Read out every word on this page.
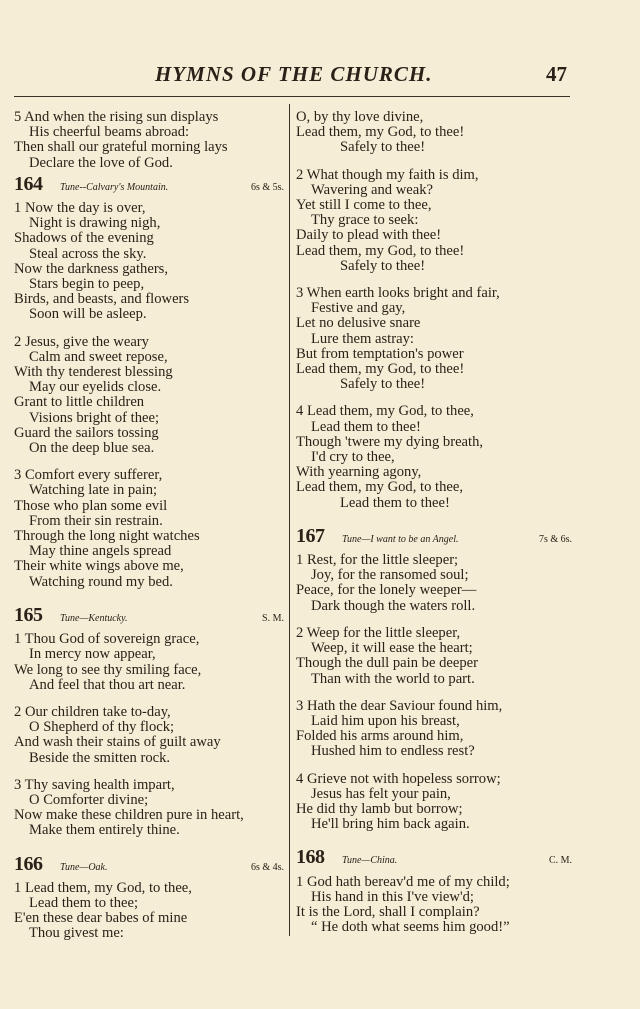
HYMNS OF THE CHURCH.	47
5 And when the rising sun displays
His cheerful beams abroad:
Then shall our grateful morning lays
Declare the love of God.
164	Tune--Calvary's Mountain.	6s & 5s.
1 Now the day is over,
Night is drawing nigh,
Shadows of the evening
Steal across the sky.
Now the darkness gathers,
Stars begin to peep,
Birds, and beasts, and flowers
Soon will be asleep.
2 Jesus, give the weary
Calm and sweet repose,
With thy tenderest blessing
May our eyelids close.
Grant to little children
Visions bright of thee;
Guard the sailors tossing
On the deep blue sea.
3 Comfort every sufferer,
Watching late in pain;
Those who plan some evil
From their sin restrain.
Through the long night watches
May thine angels spread
Their white wings above me,
Watching round my bed.
165	Tune—Kentucky.	S. M.
1 Thou God of sovereign grace,
In mercy now appear,
We long to see thy smiling face,
And feel that thou art near.
2 Our children take to-day,
O Shepherd of thy flock;
And wash their stains of guilt away
Beside the smitten rock.
3 Thy saving health impart,
O Comforter divine;
Now make these children pure in heart,
Make them entirely thine.
166	Tune—Oak.	6s & 4s.
1 Lead them, my God, to thee,
Lead them to thee;
E'en these dear babes of mine
Thou givest me:
O, by thy love divine,
Lead them, my God, to thee!
Safely to thee!
2 What though my faith is dim,
Wavering and weak?
Yet still I come to thee,
Thy grace to seek:
Daily to plead with thee!
Lead them, my God, to thee!
Safely to thee!
3 When earth looks bright and fair,
Festive and gay,
Let no delusive snare
Lure them astray:
But from temptation's power
Lead them, my God, to thee!
Safely to thee!
4 Lead them, my God, to thee,
Lead them to thee!
Though 'twere my dying breath,
I'd cry to thee,
With yearning agony,
Lead them, my God, to thee,
Lead them to thee!
167	Tune—I want to be an Angel.	7s & 6s.
1 Rest, for the little sleeper;
Joy, for the ransomed soul;
Peace, for the lonely weeper—
Dark though the waters roll.
2 Weep for the little sleeper,
Weep, it will ease the heart;
Though the dull pain be deeper
Than with the world to part.
3 Hath the dear Saviour found him,
Laid him upon his breast,
Folded his arms around him,
Hushed him to endless rest?
4 Grieve not with hopeless sorrow;
Jesus has felt your pain,
He did thy lamb but borrow;
He'll bring him back again.
168	Tune—China.	C. M.
1 God hath bereav'd me of my child;
His hand in this I've view'd;
It is the Lord, shall I complain?
“ He doth what seems him good!”
